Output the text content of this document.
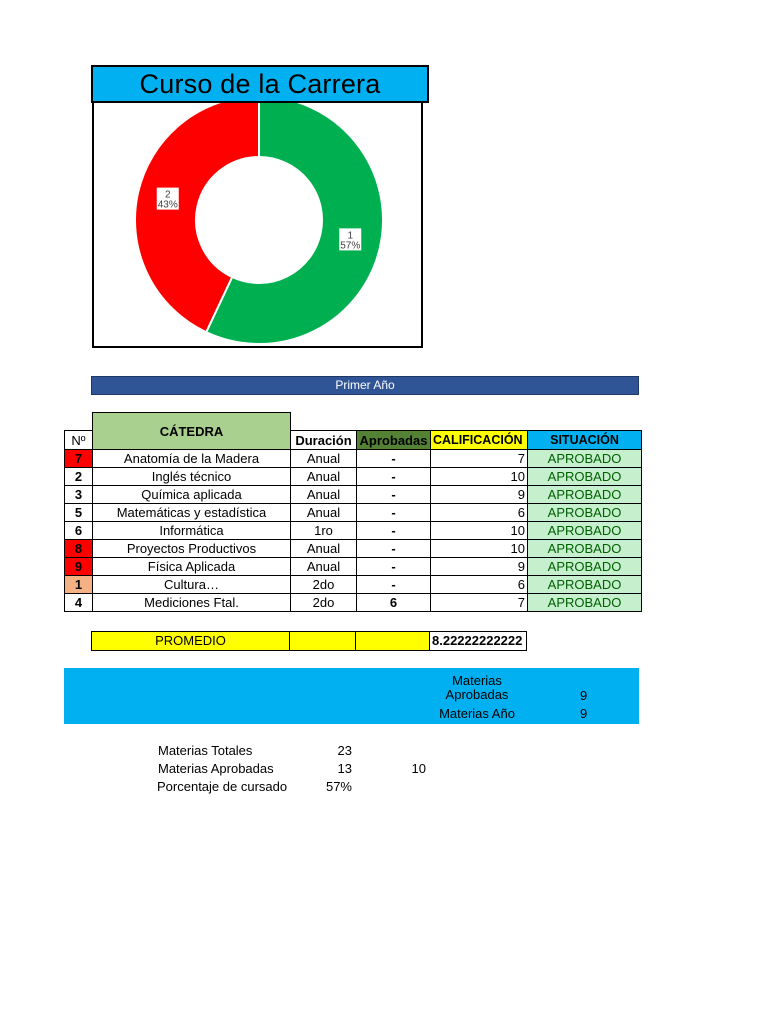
Curso de la Carrera
1
57%
2
43%
Primer Año
	CÁTEDRA				
Nº		Duración	Aprobadas	CALIFICACIÓN	SITUACIÓN
7	Anatomía de la Madera	Anual	-	7	APROBADO
2	Inglés técnico	Anual	-	10	APROBADO
3	Química aplicada	Anual	-	9	APROBADO
5	Matemáticas y estadística	Anual	-	6	APROBADO
6	Informática	1ro	-	10	APROBADO
8	Proyectos Productivos	Anual	-	10	APROBADO
9	Física Aplicada	Anual	-	9	APROBADO
1	Cultura…	2do	-	6	APROBADO
4	Mediciones Ftal.	2do	6	7	APROBADO
PROMEDIO			8.22222222222
Materias
Aprobadas	9
Materias Año	9
Materias Totales	23
Materias Aprobadas	13	10
Porcentaje de cursado	57%
